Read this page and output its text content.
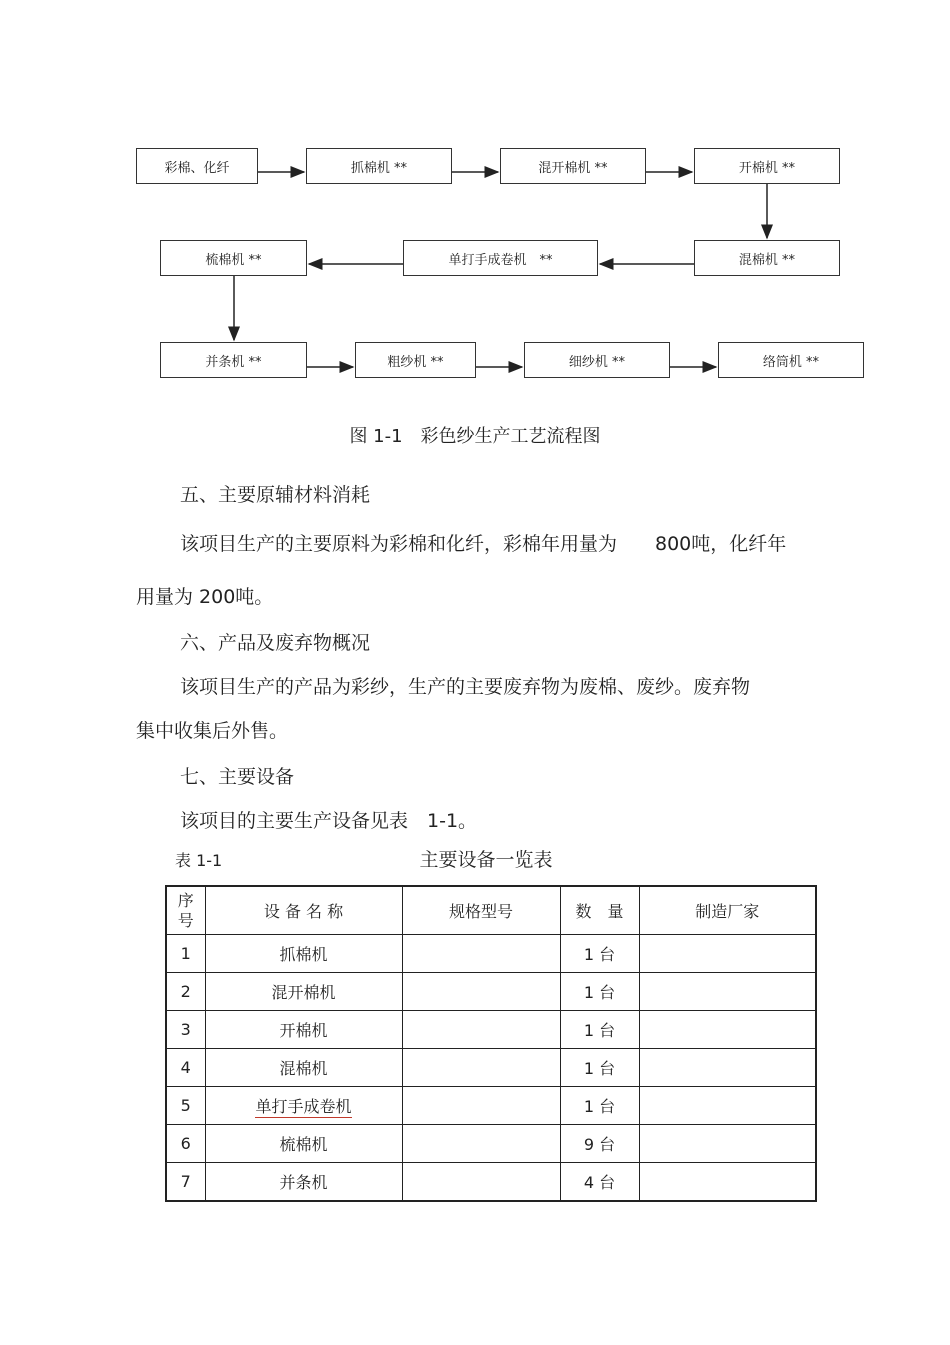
彩棉、化纤	抓棉机 **	混开棉机 **	开棉机 **
混棉机 **
单打手成卷机　**
梳棉机 **
并条机 **	粗纱机 **	细纱机 **	络筒机 **
图 1-1　彩色纱生产工艺流程图
五、主要原辅材料消耗
该项目生产的主要原料为彩棉和化纤，彩棉年用量为　　800吨，化纤年
用量为 200吨。
六、产品及废弃物概况
该项目生产的产品为彩纱，生产的主要废弃物为废棉、废纱。废弃物
集中收集后外售。
七、主要设备
该项目的主要生产设备见表　1-1。
表 1-1	主要设备一览表
序号	设 备 名 称	规格型号	数　量	制造厂家
1	抓棉机		1 台	
2	混开棉机		1 台	
3	开棉机		1 台	
4	混棉机		1 台	
5	单打手成卷机		1 台	
6	梳棉机		9 台	
7	并条机		4 台	
